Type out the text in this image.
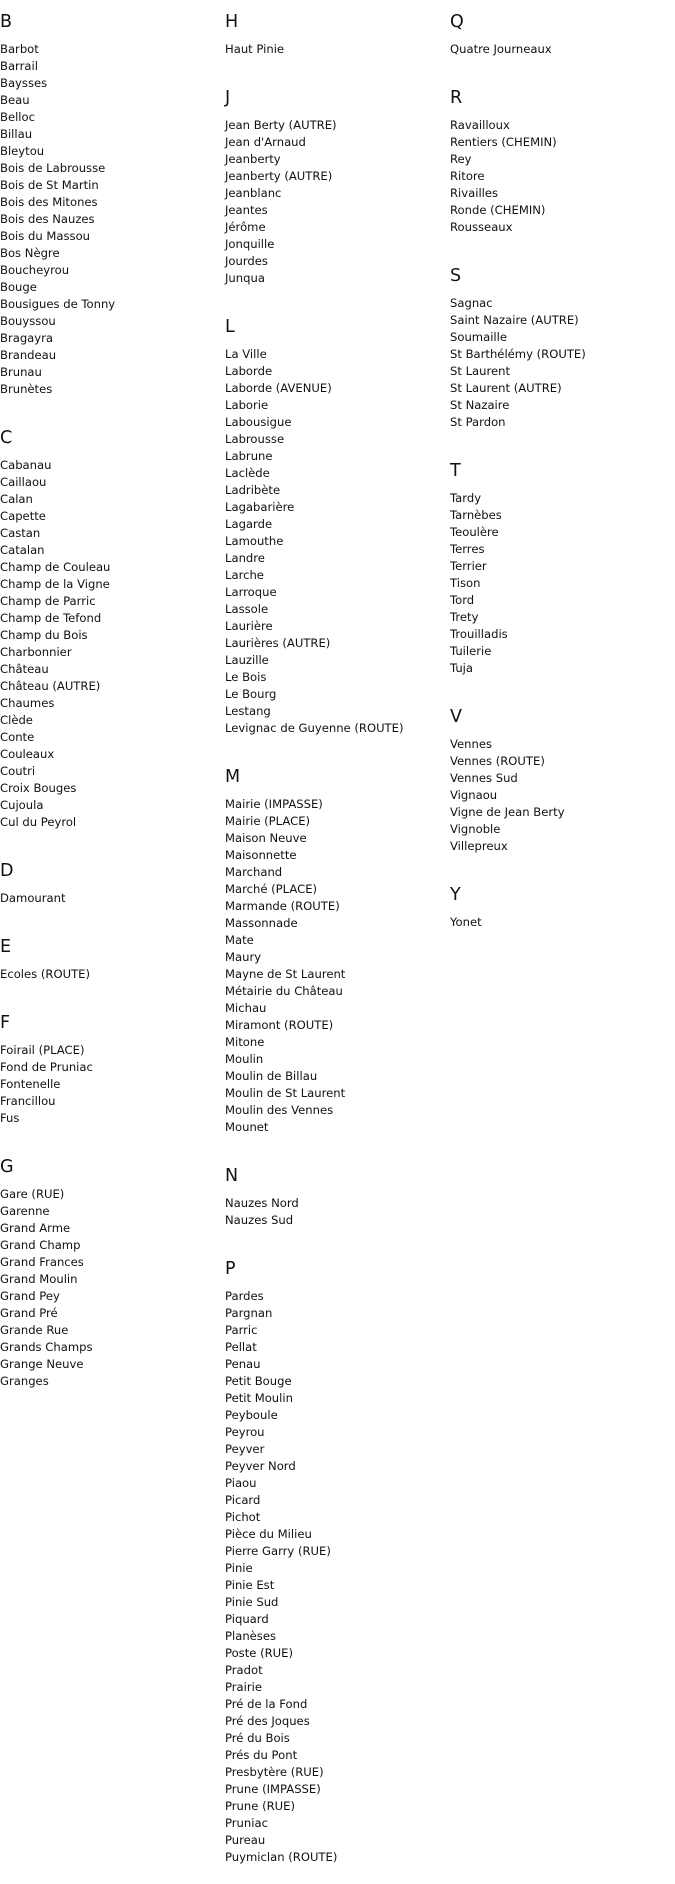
B
Barbot
Barrail
Baysses
Beau
Belloc
Billau
Bleytou
Bois de Labrousse
Bois de St Martin
Bois des Mitones
Bois des Nauzes
Bois du Massou
Bos Nègre
Boucheyrou
Bouge
Bousigues de Tonny
Bouyssou
Bragayra
Brandeau
Brunau
Brunètes
C
Cabanau
Caillaou
Calan
Capette
Castan
Catalan
Champ de Couleau
Champ de la Vigne
Champ de Parric
Champ de Tefond
Champ du Bois
Charbonnier
Château
Château (AUTRE)
Chaumes
Clède
Conte
Couleaux
Coutri
Croix Bouges
Cujoula
Cul du Peyrol
D
Damourant
E
Ecoles (ROUTE)
F
Foirail (PLACE)
Fond de Pruniac
Fontenelle
Francillou
Fus
G
Gare (RUE)
Garenne
Grand Arme
Grand Champ
Grand Frances
Grand Moulin
Grand Pey
Grand Pré
Grande Rue
Grands Champs
Grange Neuve
Granges
H
Haut Pinie
J
Jean Berty (AUTRE)
Jean d'Arnaud
Jeanberty
Jeanberty (AUTRE)
Jeanblanc
Jeantes
Jérôme
Jonquille
Jourdes
Junqua
L
La Ville
Laborde
Laborde (AVENUE)
Laborie
Labousigue
Labrousse
Labrune
Laclède
Ladribète
Lagabarière
Lagarde
Lamouthe
Landre
Larche
Larroque
Lassole
Laurière
Laurières (AUTRE)
Lauzille
Le Bois
Le Bourg
Lestang
Levignac de Guyenne (ROUTE)
M
Mairie (IMPASSE)
Mairie (PLACE)
Maison Neuve
Maisonnette
Marchand
Marché (PLACE)
Marmande (ROUTE)
Massonnade
Mate
Maury
Mayne de St Laurent
Métairie du Château
Michau
Miramont (ROUTE)
Mitone
Moulin
Moulin de Billau
Moulin de St Laurent
Moulin des Vennes
Mounet
N
Nauzes Nord
Nauzes Sud
P
Pardes
Pargnan
Parric
Pellat
Penau
Petit Bouge
Petit Moulin
Peyboule
Peyrou
Peyver
Peyver Nord
Piaou
Picard
Pichot
Pièce du Milieu
Pierre Garry (RUE)
Pinie
Pinie Est
Pinie Sud
Piquard
Planèses
Poste (RUE)
Pradot
Prairie
Pré de la Fond
Pré des Joques
Pré du Bois
Prés du Pont
Presbytère (RUE)
Prune (IMPASSE)
Prune (RUE)
Pruniac
Pureau
Puymiclan (ROUTE)
Q
Quatre Journeaux
R
Ravailloux
Rentiers (CHEMIN)
Rey
Ritore
Rivailles
Ronde (CHEMIN)
Rousseaux
S
Sagnac
Saint Nazaire (AUTRE)
Soumaille
St Barthélémy (ROUTE)
St Laurent
St Laurent (AUTRE)
St Nazaire
St Pardon
T
Tardy
Tarnèbes
Teoulère
Terres
Terrier
Tison
Tord
Trety
Trouilladis
Tuilerie
Tuja
V
Vennes
Vennes (ROUTE)
Vennes Sud
Vignaou
Vigne de Jean Berty
Vignoble
Villepreux
Y
Yonet
